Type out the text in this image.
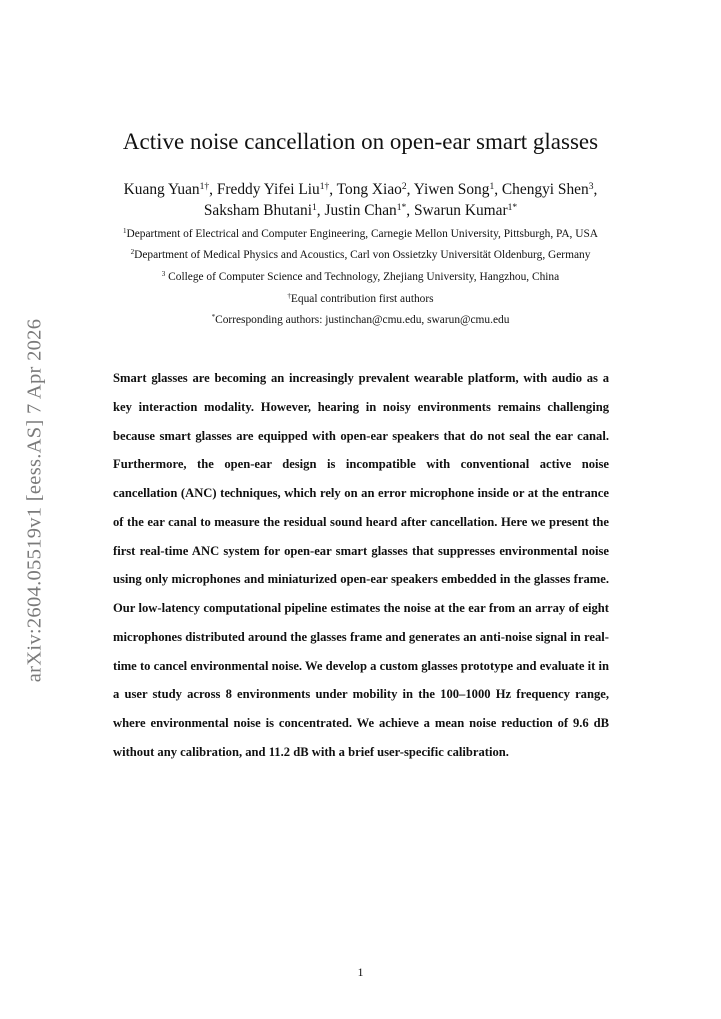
arXiv:2604.05519v1 [eess.AS] 7 Apr 2026
Active noise cancellation on open-ear smart glasses

Kuang Yuan$^{1\dagger}$, Freddy Yifei Liu$^{1\dagger}$, Tong Xiao$^2$, Yiwen Song$^1$, Chengyi Shen$^3$,
Saksham Bhutani$^1$, Justin Chan$^{1*}$, Swarun Kumar$^{1*}$

$^1$Department of Electrical and Computer Engineering, Carnegie Mellon University, Pittsburgh, PA, USA

$^2$Department of Medical Physics and Acoustics, Carl von Ossietzky Universität Oldenburg, Germany

$^3$ College of Computer Science and Technology, Zhejiang University, Hangzhou, China

†Equal contribution first authors

*Corresponding authors: justinchan@cmu.edu, swarun@cmu.edu

Smart glasses are becoming an increasingly prevalent wearable platform, with audio as a key interaction modality. However, hearing in noisy environments remains challenging because smart glasses are equipped with open-ear speakers that do not seal the ear canal. Furthermore, the open-ear design is incompatible with conventional active noise cancellation (ANC) techniques, which rely on an error microphone inside or at the entrance of the ear canal to measure the residual sound heard after cancellation. Here we present the first real-time ANC system for open-ear smart glasses that suppresses environmental noise using only microphones and miniaturized open-ear speakers embedded in the glasses frame. Our low-latency computational pipeline estimates the noise at the ear from an array of eight microphones distributed around the glasses frame and generates an anti-noise signal in real-time to cancel environmental noise. We develop a custom glasses prototype and evaluate it in a user study across 8 environments under mobility in the 100–1000 Hz frequency range, where environmental noise is concentrated. We achieve a mean noise reduction of 9.6 dB without any calibration, and 11.2 dB with a brief user-specific calibration.

1
